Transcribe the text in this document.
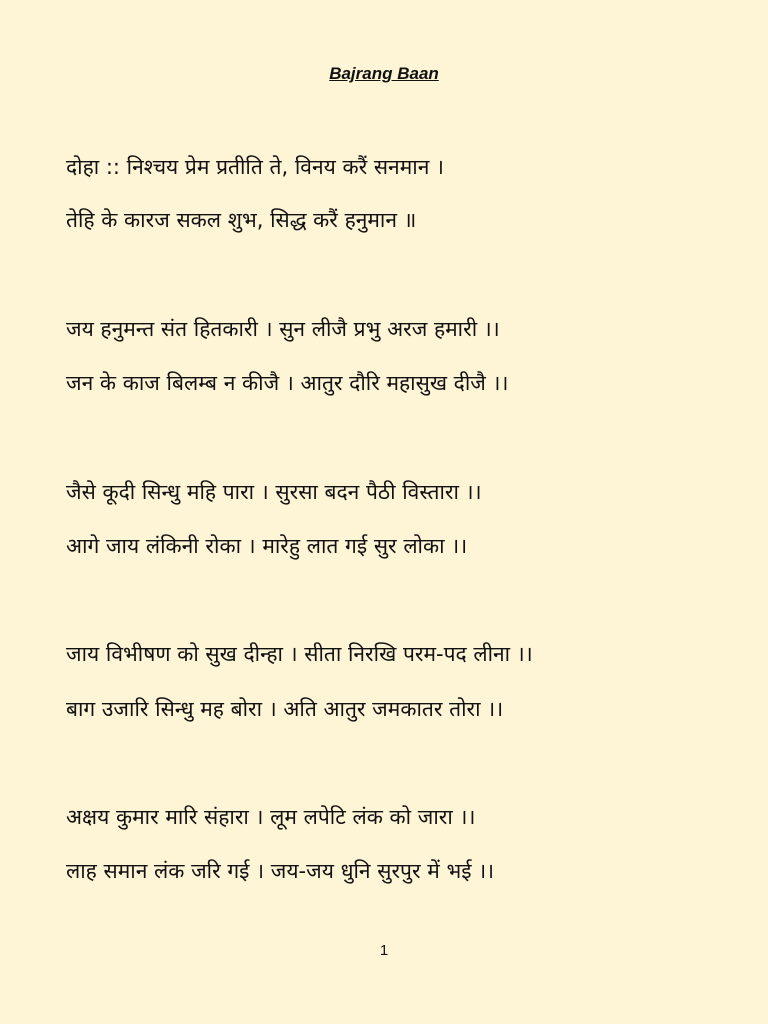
Bajrang Baan
दोहा :: निश्चय प्रेम प्रतीति ते, विनय करैं सनमान ।
तेहि के कारज सकल शुभ, सिद्ध करैं हनुमान ॥
जय हनुमन्त संत हितकारी । सुन लीजै प्रभु अरज हमारी ।।
जन के काज बिलम्ब न कीजै । आतुर दौरि महासुख दीजै ।।
जैसे कूदी सिन्धु महि पारा । सुरसा बदन पैठी विस्तारा ।।
आगे जाय लंकिनी रोका । मारेहु लात गई सुर लोका ।।
जाय विभीषण को सुख दीन्हा । सीता निरखि परम-पद लीना ।।
बाग उजारि सिन्धु मह बोरा । अति आतुर जमकातर तोरा ।।
अक्षय कुमार मारि संहारा । लूम लपेटि लंक को जारा ।।
लाह समान लंक जरि गई । जय-जय धुनि सुरपुर में भई ।।
1
